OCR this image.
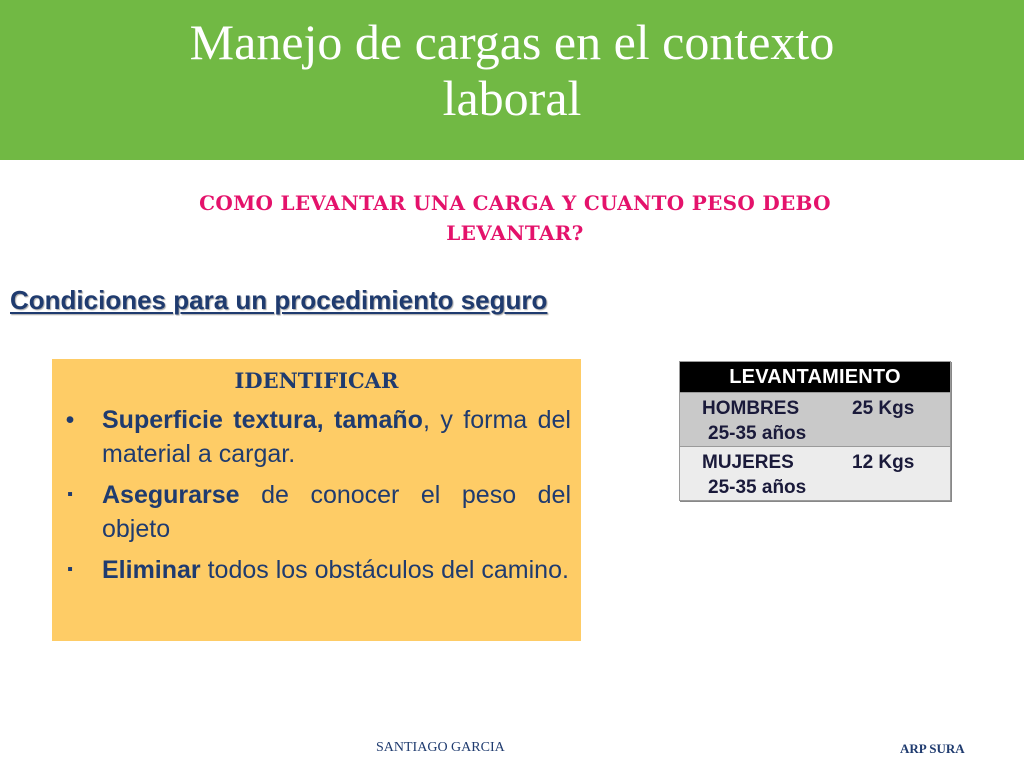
Manejo de cargas en el contexto
laboral

COMO LEVANTAR UNA CARGA Y CUANTO PESO DEBO
LEVANTAR?

Condiciones para un procedimiento seguro
IDENTIFICAR
• Superficie textura, tamaño, y forma del material a cargar.
▪ Asegurarse de conocer el peso del objeto
▪ Eliminar todos los obstáculos del camino.
LEVANTAMIENTO

HOMBRES	25 Kgs
25-35 años

MUJERES	12 Kgs
25-35 años
SANTIAGO GARCIA	ARP SURA
